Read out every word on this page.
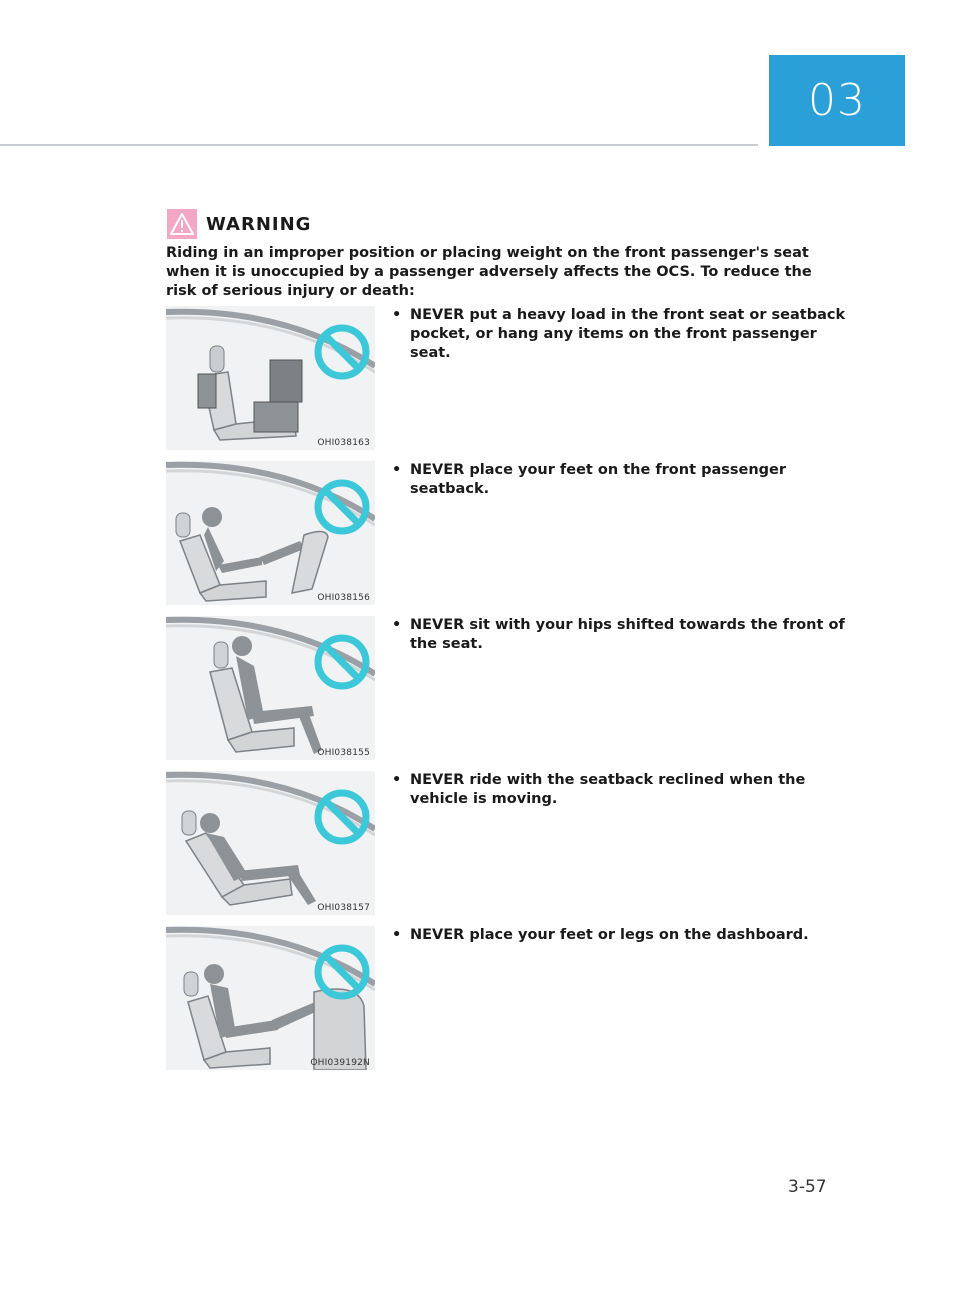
03
WARNING
Riding in an improper position or placing weight on the front passenger's seat when it is unoccupied by a passenger adversely affects the OCS. To reduce the risk of serious injury or death:
OHI038163
OHI038156
OHI038155
OHI038157
OHI039192N
• NEVER put a heavy load in the front seat or seatback pocket, or hang any items on the front passenger seat.
• NEVER place your feet on the front passenger seatback.
• NEVER sit with your hips shifted towards the front of the seat.
• NEVER ride with the seatback reclined when the vehicle is moving.
• NEVER place your feet or legs on the dashboard.
3-57
